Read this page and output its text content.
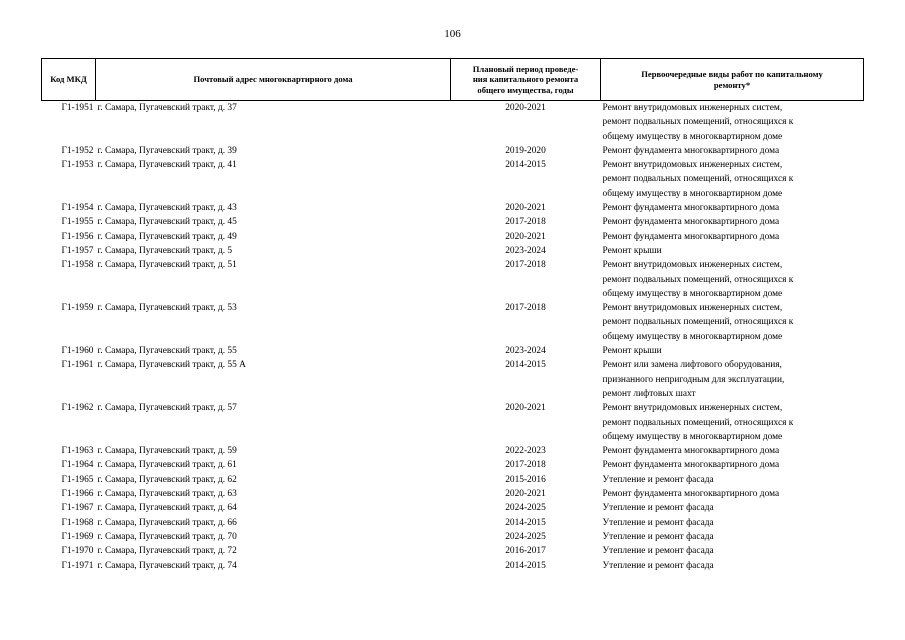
106
Код МКД	Почтовый адрес многоквартирного дома	Плановый период проведе-
ния капитального ремонта
общего имущества, годы	Первоочередные виды работ по капитальному
ремонту*

Г1-1951	г. Самара, Пугачевский тракт, д. 37	2020-2021	Ремонт внутридомовых инженерных систем,
ремонт подвальных помещений, относящихся к
общему имуществу в многоквартирном доме

Г1-1952	г. Самара, Пугачевский тракт, д. 39	2019-2020	Ремонт фундамента многоквартирного дома

Г1-1953	г. Самара, Пугачевский тракт, д. 41	2014-2015	Ремонт внутридомовых инженерных систем,
ремонт подвальных помещений, относящихся к
общему имуществу в многоквартирном доме

Г1-1954	г. Самара, Пугачевский тракт, д. 43	2020-2021	Ремонт фундамента многоквартирного дома

Г1-1955	г. Самара, Пугачевский тракт, д. 45	2017-2018	Ремонт фундамента многоквартирного дома

Г1-1956	г. Самара, Пугачевский тракт, д. 49	2020-2021	Ремонт фундамента многоквартирного дома

Г1-1957	г. Самара, Пугачевский тракт, д. 5	2023-2024	Ремонт крыши

Г1-1958	г. Самара, Пугачевский тракт, д. 51	2017-2018	Ремонт внутридомовых инженерных систем,
ремонт подвальных помещений, относящихся к
общему имуществу в многоквартирном доме

Г1-1959	г. Самара, Пугачевский тракт, д. 53	2017-2018	Ремонт внутридомовых инженерных систем,
ремонт подвальных помещений, относящихся к
общему имуществу в многоквартирном доме

Г1-1960	г. Самара, Пугачевский тракт, д. 55	2023-2024	Ремонт крыши

Г1-1961	г. Самара, Пугачевский тракт, д. 55 А	2014-2015	Ремонт или замена лифтового оборудования,
признанного непригодным для эксплуатации,
ремонт лифтовых шахт

Г1-1962	г. Самара, Пугачевский тракт, д. 57	2020-2021	Ремонт внутридомовых инженерных систем,
ремонт подвальных помещений, относящихся к
общему имуществу в многоквартирном доме

Г1-1963	г. Самара, Пугачевский тракт, д. 59	2022-2023	Ремонт фундамента многоквартирного дома

Г1-1964	г. Самара, Пугачевский тракт, д. 61	2017-2018	Ремонт фундамента многоквартирного дома

Г1-1965	г. Самара, Пугачевский тракт, д. 62	2015-2016	Утепление и ремонт фасада

Г1-1966	г. Самара, Пугачевский тракт, д. 63	2020-2021	Ремонт фундамента многоквартирного дома

Г1-1967	г. Самара, Пугачевский тракт, д. 64	2024-2025	Утепление и ремонт фасада

Г1-1968	г. Самара, Пугачевский тракт, д. 66	2014-2015	Утепление и ремонт фасада

Г1-1969	г. Самара, Пугачевский тракт, д. 70	2024-2025	Утепление и ремонт фасада

Г1-1970	г. Самара, Пугачевский тракт, д. 72	2016-2017	Утепление и ремонт фасада

Г1-1971	г. Самара, Пугачевский тракт, д. 74	2014-2015	Утепление и ремонт фасада
